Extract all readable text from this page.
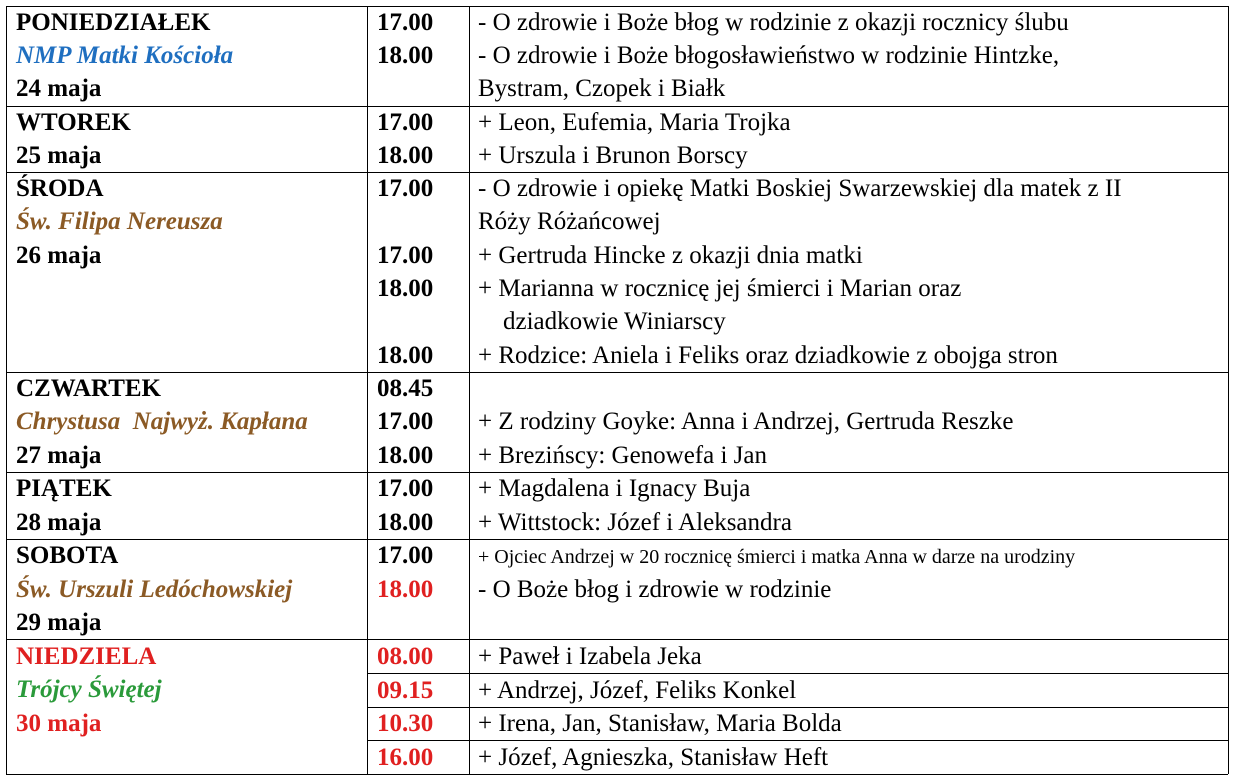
PONIEDZIAŁEK
NMP Matki Kościoła
24 maja
17.00 - O zdrowie i Boże błog w rodzinie z okazji rocznicy ślubu
18.00 - O zdrowie i Boże błogosławieństwo w rodzinie Hintzke,
Bystram, Czopek i Białk
WTOREK
25 maja
17.00 + Leon, Eufemia, Maria Trojka
18.00 + Urszula i Brunon Borscy
ŚRODA
Św. Filipa Nereusza
26 maja
17.00 - O zdrowie i opiekę Matki Boskiej Swarzewskiej dla matek z II
Róży Różańcowej
17.00 + Gertruda Hincke z okazji dnia matki
18.00 + Marianna w rocznicę jej śmierci i Marian oraz
dziadkowie Winiarscy
18.00 + Rodzice: Aniela i Feliks oraz dziadkowie z obojga stron
CZWARTEK
Chrystusa  Najwyż. Kapłana
27 maja
08.45
17.00 + Z rodziny Goyke: Anna i Andrzej, Gertruda Reszke
18.00 + Brezińscy: Genowefa i Jan
PIĄTEK
28 maja
17.00 + Magdalena i Ignacy Buja
18.00 + Wittstock: Józef i Aleksandra
SOBOTA
Św. Urszuli Ledóchowskiej
29 maja
17.00 + Ojciec Andrzej w 20 rocznicę śmierci i matka Anna w darze na urodziny
18.00 - O Boże błog i zdrowie w rodzinie
NIEDZIELA
Trójcy Świętej
30 maja
08.00 + Paweł i Izabela Jeka
09.15 + Andrzej, Józef, Feliks Konkel
10.30 + Irena, Jan, Stanisław, Maria Bolda
16.00 + Józef, Agnieszka, Stanisław Heft
